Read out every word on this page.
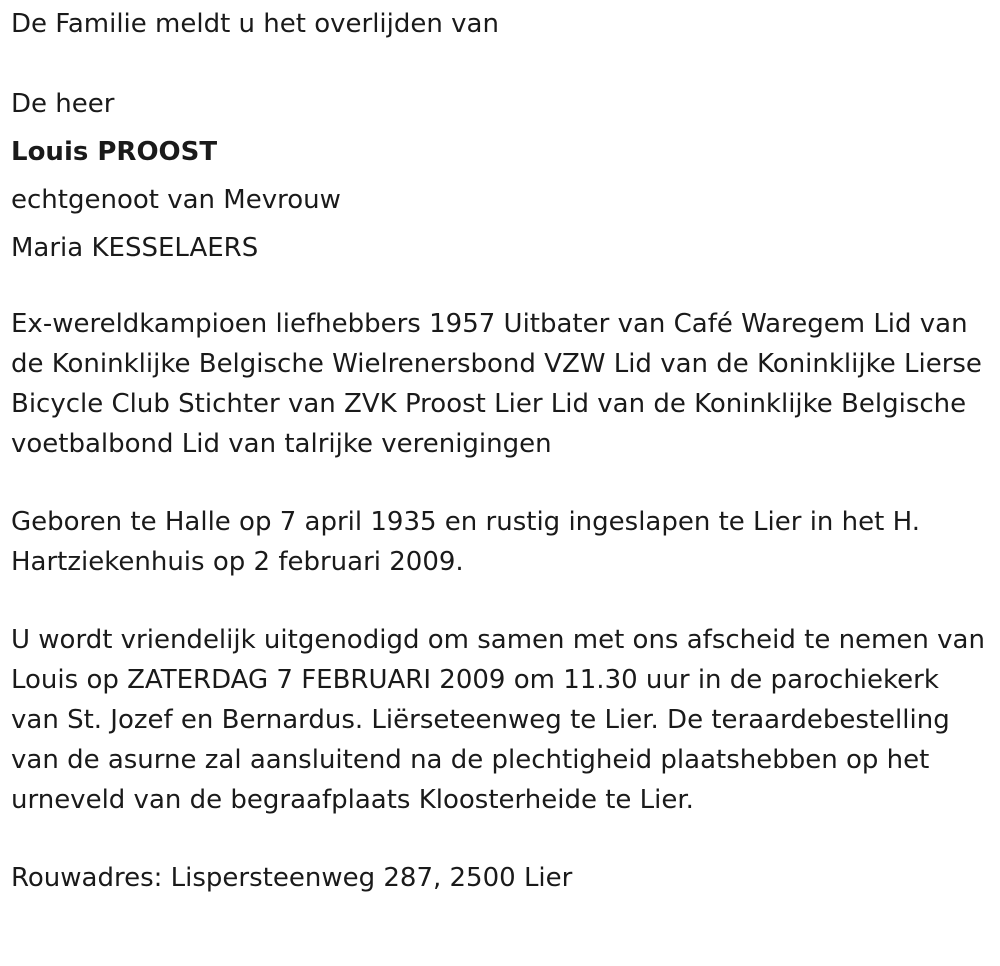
De Familie meldt u het overlijden van
De heer
Louis PROOST
echtgenoot van Mevrouw
Maria KESSELAERS
Ex-wereldkampioen liefhebbers 1957 Uitbater van Café Waregem Lid van de Koninklijke Belgische Wielrenersbond VZW Lid van de Koninklijke Lierse Bicycle Club Stichter van ZVK Proost Lier Lid van de Koninklijke Belgische voetbalbond Lid van talrijke verenigingen
Geboren te Halle op 7 april 1935 en rustig ingeslapen te Lier in het H. Hartziekenhuis op 2 februari 2009.
U wordt vriendelijk uitgenodigd om samen met ons afscheid te nemen van Louis op ZATERDAG 7 FEBRUARI 2009 om 11.30 uur in de parochiekerk van St. Jozef en Bernardus. Liërseteenweg te Lier. De teraardebestelling van de asurne zal aansluitend na de plechtigheid plaatshebben op het urneveld van de begraafplaats Kloosterheide te Lier.
Rouwadres: Lispersteenweg 287, 2500 Lier
